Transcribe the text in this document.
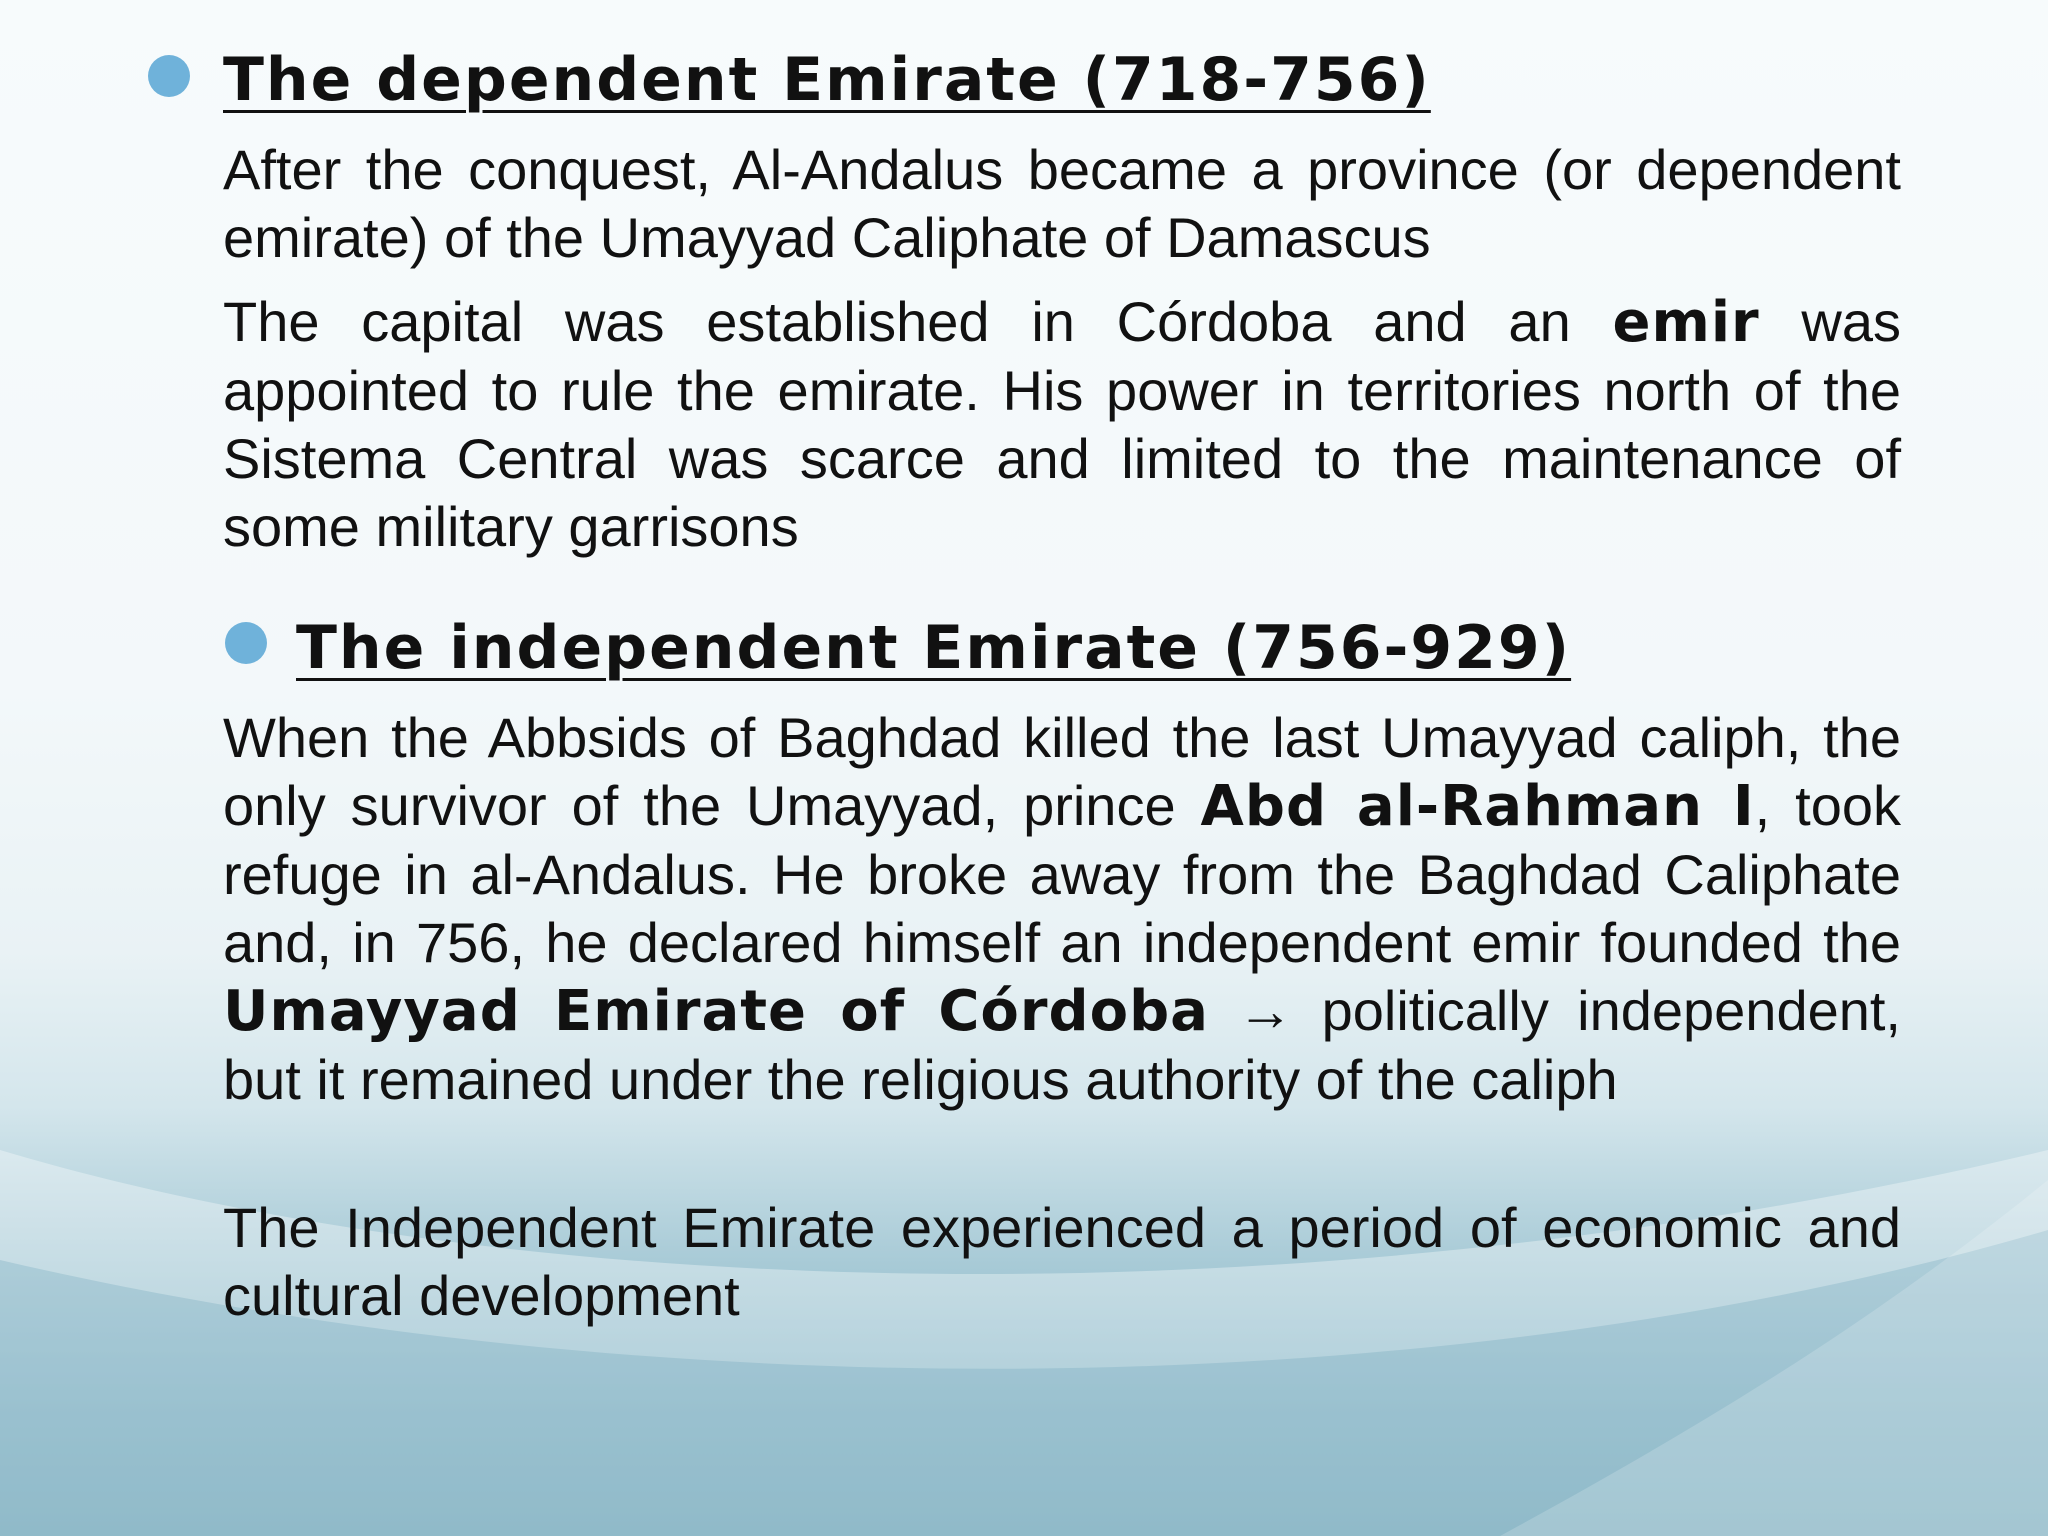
The dependent Emirate (718-756)

After the conquest, Al-Andalus became a province (or dependent emirate) of the Umayyad Caliphate of Damascus

The capital was established in Córdoba and an emir was appointed to rule the emirate. His power in territories north of the Sistema Central was scarce and limited to the maintenance of some military garrisons

The independent Emirate (756-929)

When the Abbsids of Baghdad killed the last Umayyad caliph, the only survivor of the Umayyad, prince Abd al-Rahman I, took refuge in al-Andalus. He broke away from the Baghdad Caliphate and, in 756, he declared himself an independent emir founded the Umayyad Emirate of Córdoba → politically independent, but it remained under the religious authority of the caliph

The Independent Emirate experienced a period of economic and cultural development
